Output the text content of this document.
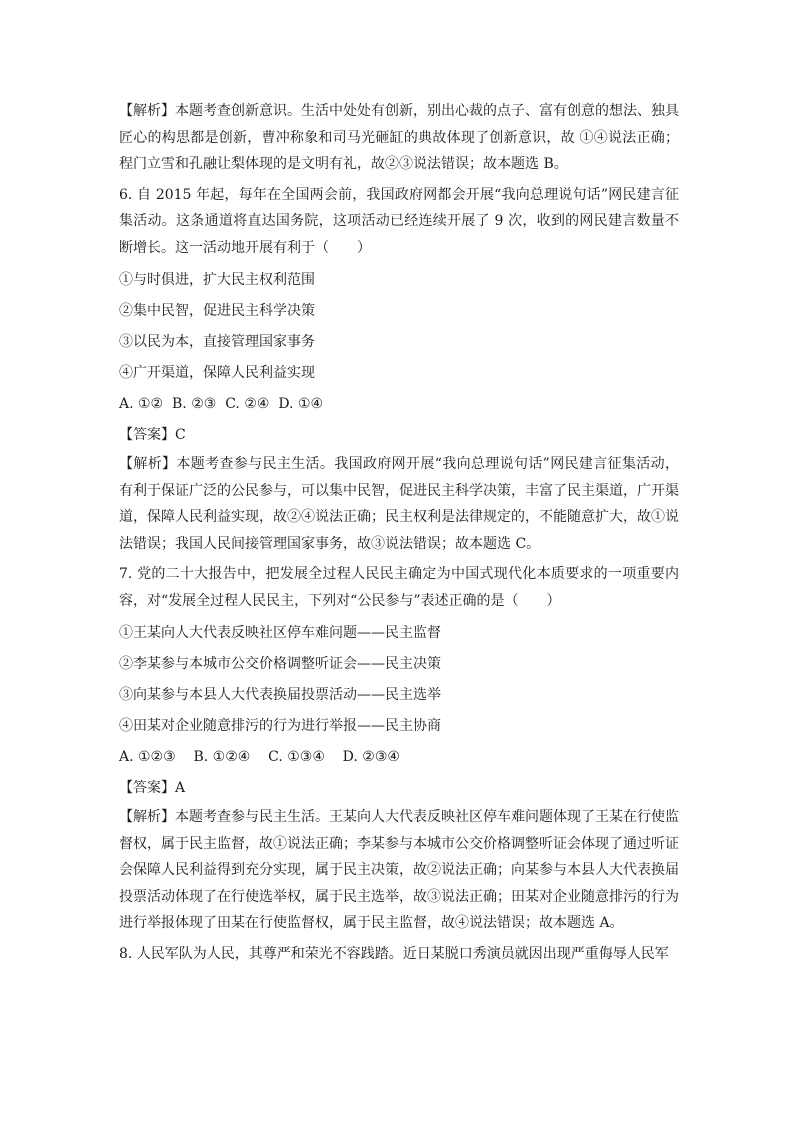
【解析】本题考查创新意识。生活中处处有创新，别出心裁的点子、富有创意的想法、独具匠心的构思都是创新，曹冲称象和司马光砸缸的典故体现了创新意识，故 ①④说法正确；程门立雪和孔融让梨体现的是文明有礼，故②③说法错误；故本题选 B。

6. 自 2015 年起，每年在全国两会前，我国政府网都会开展“我向总理说句话”网民建言征集活动。这条通道将直达国务院，这项活动已经连续开展了 9 次，收到的网民建言数量不断增长。这一活动地开展有利于（　　）

①与时俱进，扩大民主权利范围

②集中民智，促进民主科学决策

③以民为本，直接管理国家事务

④广开渠道，保障人民利益实现

A. ①②  B. ②③  C. ②④  D. ①④

【答案】C

【解析】本题考查参与民主生活。我国政府网开展“我向总理说句话”网民建言征集活动，有利于保证广泛的公民参与，可以集中民智，促进民主科学决策，丰富了民主渠道，广开渠道，保障人民利益实现，故②④说法正确；民主权利是法律规定的，不能随意扩大，故①说法错误；我国人民间接管理国家事务，故③说法错误；故本题选 C。

7. 党的二十大报告中，把发展全过程人民民主确定为中国式现代化本质要求的一项重要内容，对“发展全过程人民民主，下列对“公民参与”表述正确的是（　　）

①王某向人大代表反映社区停车难问题——民主监督

②李某参与本城市公交价格调整听证会——民主决策

③向某参与本县人大代表换届投票活动——民主选举

④田某对企业随意排污的行为进行举报——民主协商

A. ①②③    B. ①②④    C. ①③④    D. ②③④

【答案】A

【解析】本题考查参与民主生活。王某向人大代表反映社区停车难问题体现了王某在行使监督权，属于民主监督，故①说法正确；李某参与本城市公交价格调整听证会体现了通过听证会保障人民利益得到充分实现，属于民主决策，故②说法正确；向某参与本县人大代表换届投票活动体现了在行使选举权，属于民主选举，故③说法正确；田某对企业随意排污的行为进行举报体现了田某在行使监督权，属于民主监督，故④说法错误；故本题选 A。

8. 人民军队为人民，其尊严和荣光不容践踏。近日某脱口秀演员就因出现严重侮辱人民军
